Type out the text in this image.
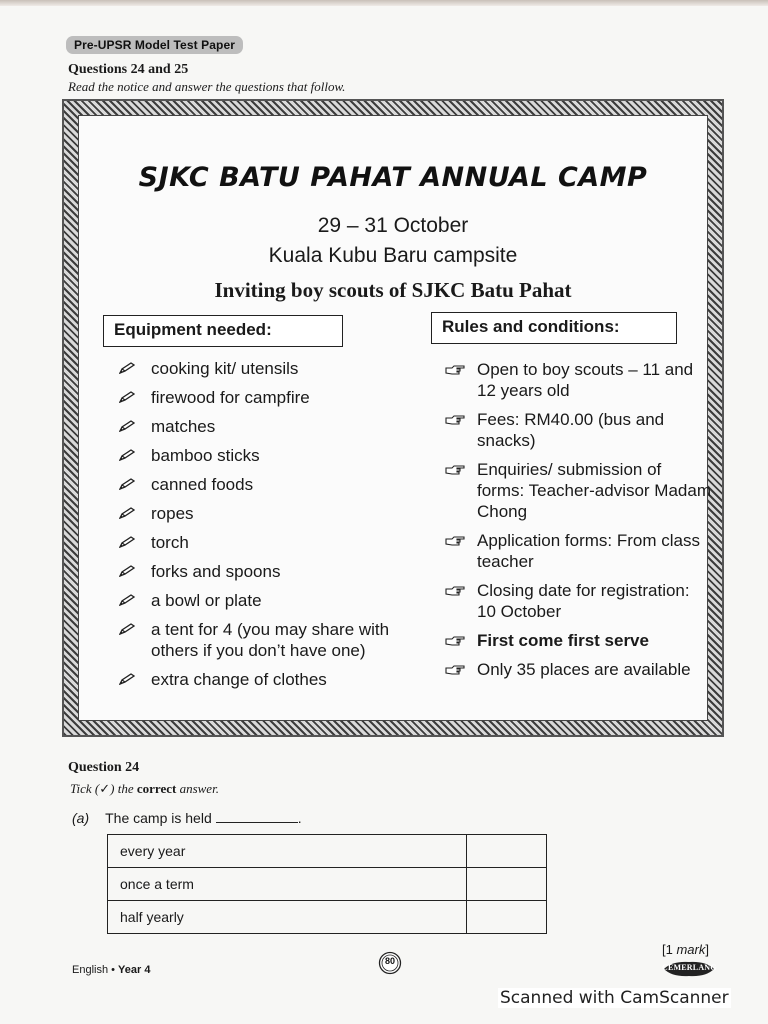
Pre-UPSR Model Test Paper
Questions 24 and 25
Read the notice and answer the questions that follow.
SJKC BATU PAHAT ANNUAL CAMP
29 – 31 October
Kuala Kubu Baru campsite
Inviting boy scouts of SJKC Batu Pahat
Equipment needed:	Rules and conditions:
cooking kit/ utensils
firewood for campfire
matches
bamboo sticks
canned foods
ropes
torch
forks and spoons
a bowl or plate
a tent for 4 (you may share with others if you don’t have one)
extra change of clothes
Open to boy scouts – 11 and 12 years old
Fees: RM40.00 (bus and snacks)
Enquiries/ submission of forms: Teacher-advisor Madam Chong
Application forms: From class teacher
Closing date for registration: 10 October
First come first serve
Only 35 places are available
Question 24
Tick (✓) the correct answer.
(a) The camp is held	.
every year	
once a term	
half yearly	
[1 mark]
English • Year 4
80
CEMERLANG
Scanned with CamScanner
